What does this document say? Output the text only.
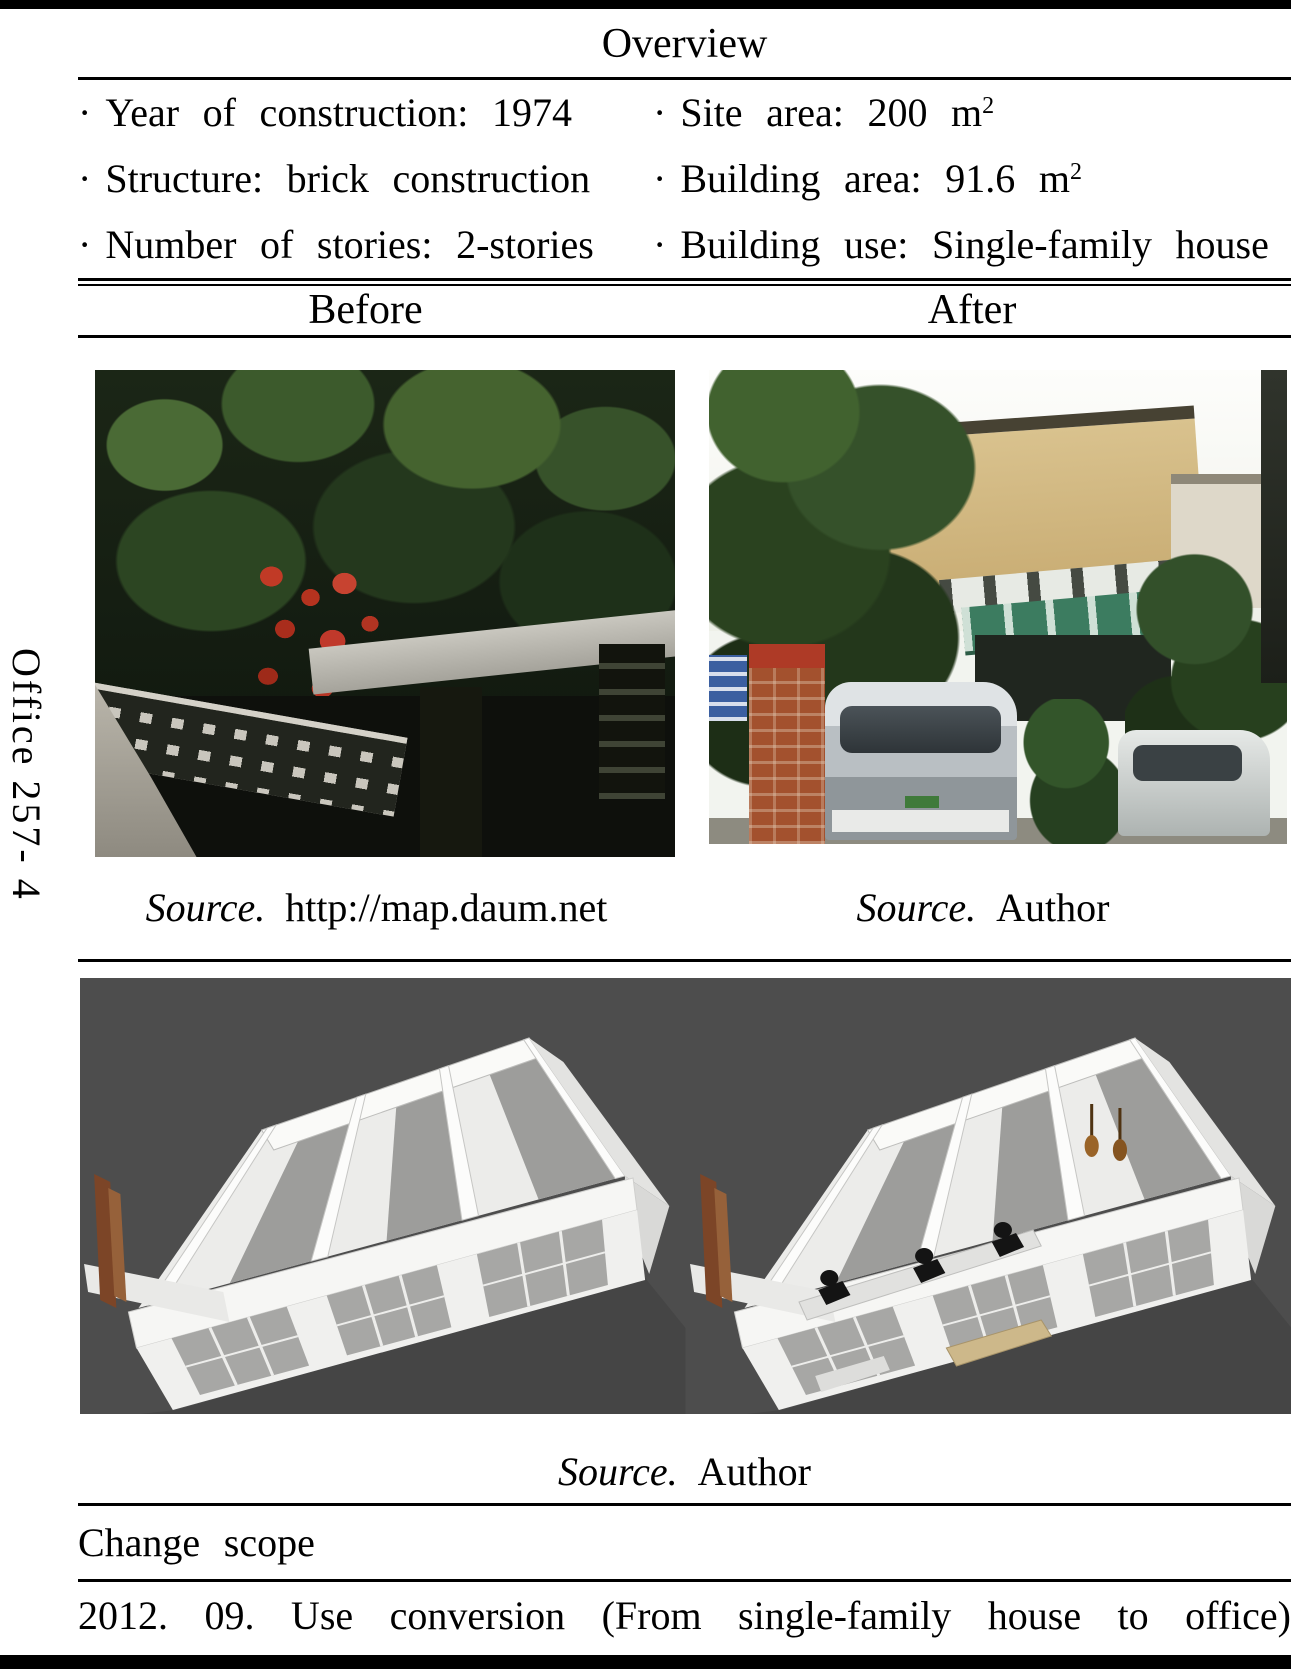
Office 257- 4
Overview
· Year of construction: 1974
· Structure: brick construction
· Number of stories: 2-stories
· Site area: 200 $m^2$
· Building area: 91.6 $m^2$
· Building use: Single-family house
Before	After
Source. http://map.daum.net	Source. Author
Source. Author
Change scope
2012. 09. Use conversion (From single-family house to office)
